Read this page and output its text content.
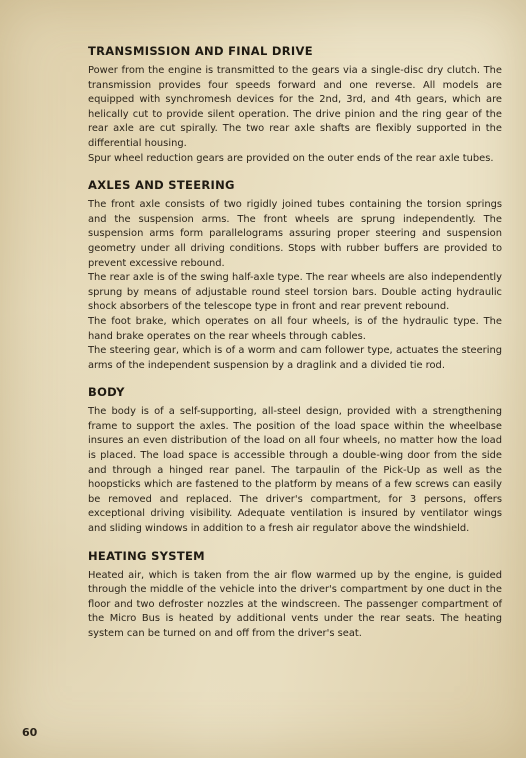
TRANSMISSION AND FINAL DRIVE

Power from the engine is transmitted to the gears via a single-disc dry clutch. The transmission provides four speeds forward and one reverse. All models are equipped with synchromesh devices for the 2nd, 3rd, and 4th gears, which are helically cut to provide silent operation. The drive pinion and the ring gear of the rear axle are cut spirally. The two rear axle shafts are flexibly supported in the differential housing.

Spur wheel reduction gears are provided on the outer ends of the rear axle tubes.

AXLES AND STEERING

The front axle consists of two rigidly joined tubes containing the torsion springs and the suspension arms. The front wheels are sprung independently. The suspension arms form parallelograms assuring proper steering and suspension geometry under all driving conditions. Stops with rubber buffers are provided to prevent excessive rebound.

The rear axle is of the swing half-axle type. The rear wheels are also independently sprung by means of adjustable round steel torsion bars. Double acting hydraulic shock absorbers of the telescope type in front and rear prevent rebound.

The foot brake, which operates on all four wheels, is of the hydraulic type. The hand brake operates on the rear wheels through cables.

The steering gear, which is of a worm and cam follower type, actuates the steering arms of the independent suspension by a draglink and a divided tie rod.

BODY

The body is of a self-supporting, all-steel design, provided with a strengthening frame to support the axles. The position of the load space within the wheelbase insures an even distribution of the load on all four wheels, no matter how the load is placed. The load space is accessible through a double-wing door from the side and through a hinged rear panel. The tarpaulin of the Pick-Up as well as the hoopsticks which are fastened to the platform by means of a few screws can easily be removed and replaced. The driver's compartment, for 3 persons, offers exceptional driving visibility. Adequate ventilation is insured by ventilator wings and sliding windows in addition to a fresh air regulator above the windshield.

HEATING SYSTEM

Heated air, which is taken from the air flow warmed up by the engine, is guided through the middle of the vehicle into the driver's compartment by one duct in the floor and two defroster nozzles at the windscreen. The passenger compartment of the Micro Bus is heated by additional vents under the rear seats. The heating system can be turned on and off from the driver's seat.

60
